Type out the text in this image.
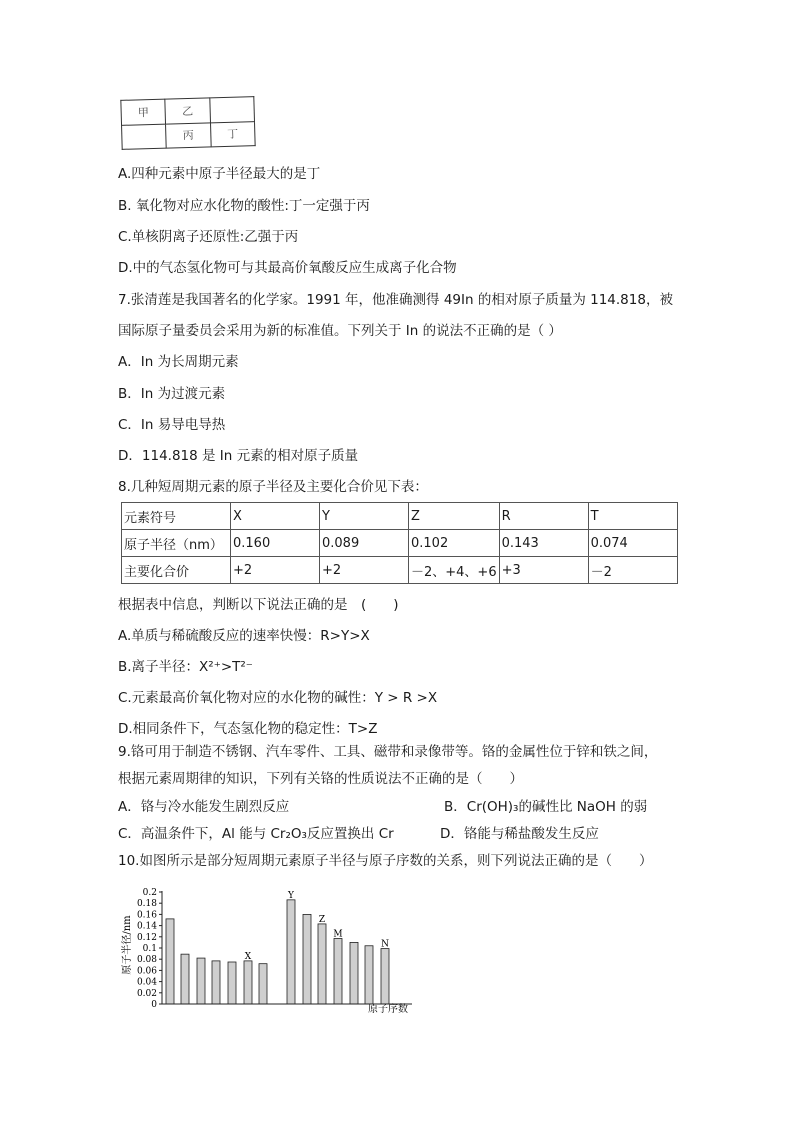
甲	乙	
	丙	丁
A.四种元素中原子半径最大的是丁
B. 氧化物对应水化物的酸性:丁一定强于丙
C.单核阴离子还原性:乙强于丙
D.中的气态氢化物可与其最高价氧酸反应生成离子化合物
7.张清莲是我国著名的化学家。1991 年，他准确测得 49In 的相对原子质量为 114.818，被
国际原子量委员会采用为新的标准值。下列关于 In 的说法不正确的是（ ）
A．In 为长周期元素
B．In 为过渡元素
C．In 易导电导热
D．114.818 是 In 元素的相对原子质量
8.几种短周期元素的原子半径及主要化合价见下表：
元素符号	X	Y	Z	R	T
原子半径（nm）	0.160	0.089	0.102	0.143	0.074
主要化合价	+2	+2	－2、+4、+6	+3	－2
根据表中信息，判断以下说法正确的是　(　　)
A.单质与稀硫酸反应的速率快慢：R>Y>X
B.离子半径：X²⁺>T²⁻
C.元素最高价氧化物对应的水化物的碱性：Y > R >X
D.相同条件下，气态氢化物的稳定性：T>Z
9.铬可用于制造不锈钢、汽车零件、工具、磁带和录像带等。铬的金属性位于锌和铁之间，
根据元素周期律的知识，下列有关铬的性质说法不正确的是（　　）
A．铬与冷水能发生剧烈反应	B．Cr(OH)₃的碱性比 NaOH 的弱
C．高温条件下，Al 能与 Cr₂O₃反应置换出 Cr	D．铬能与稀盐酸发生反应
10.如图所示是部分短周期元素原子半径与原子序数的关系，则下列说法正确的是（　　）
原子半径/nm
原子序数
0
0.02
0.04
0.06
0.08
0.1
0.12
0.14
0.16
0.18
0.2
X
Y
Z
M
N
